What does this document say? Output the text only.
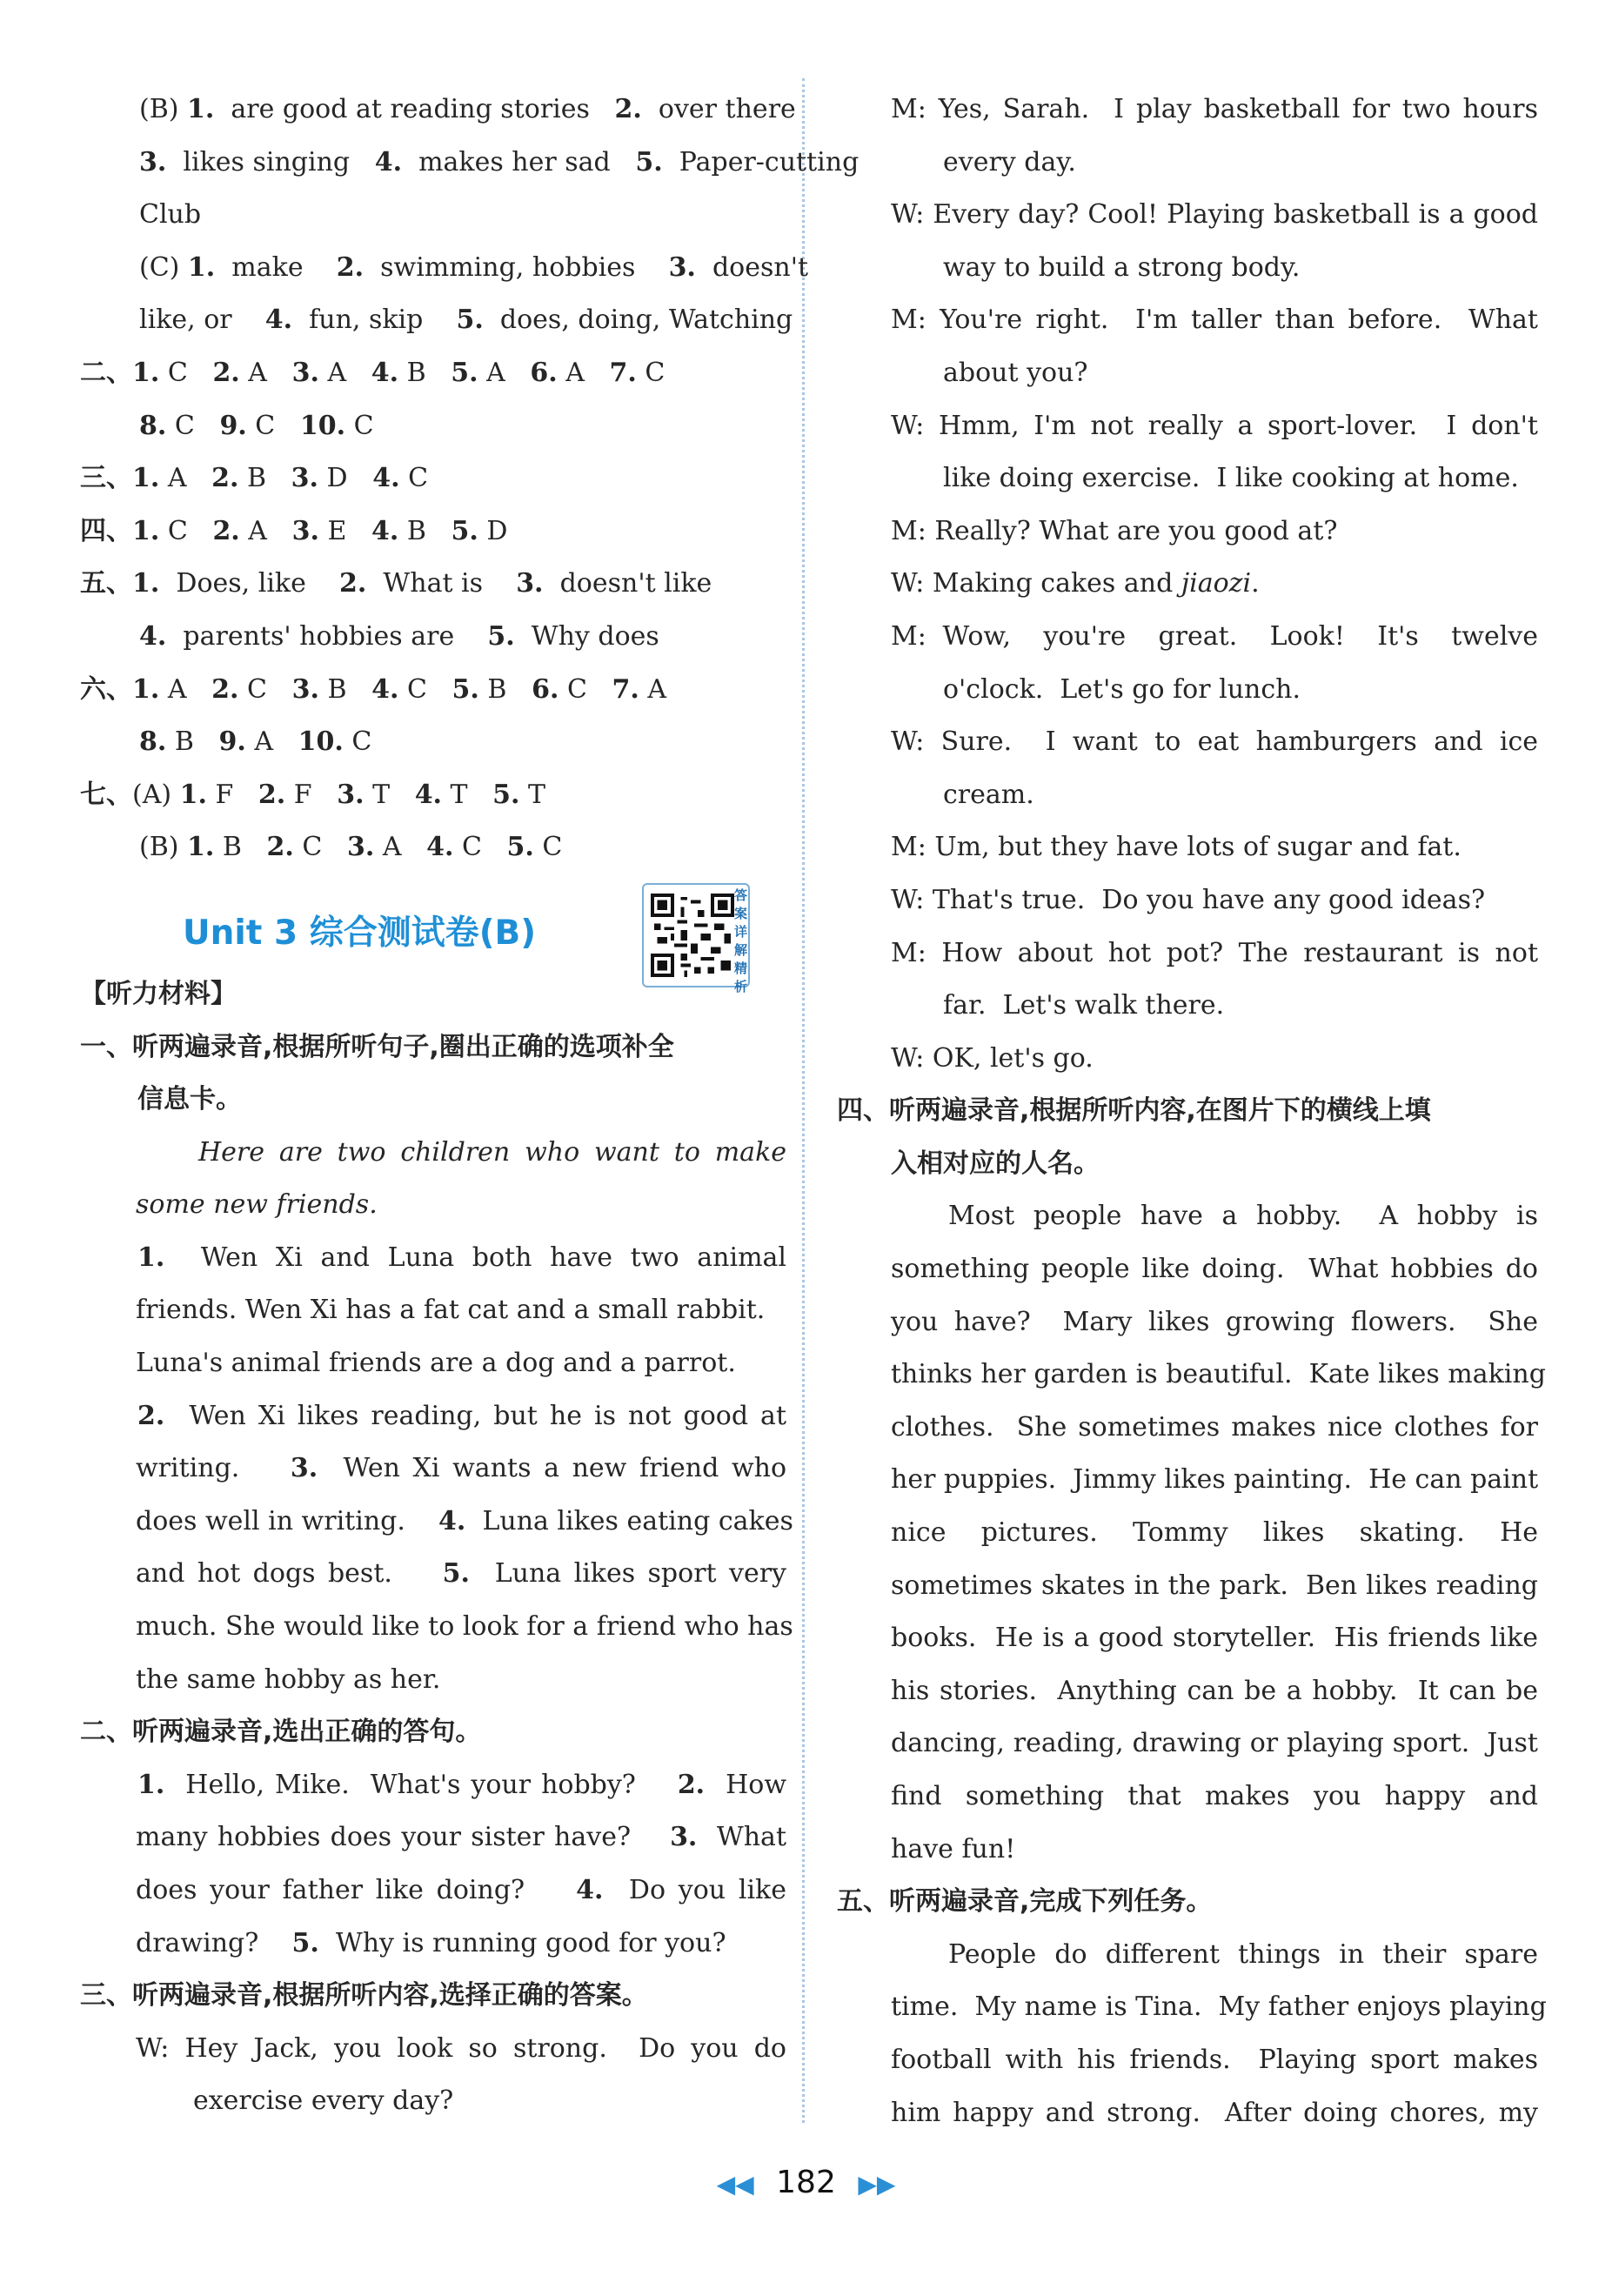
(B) 1.  are good at reading stories   2.  over there
3.  likes singing   4.  makes her sad   5.  Paper-cutting
Club
(C) 1.  make    2.  swimming, hobbies    3.  doesn't
like, or    4.  fun, skip    5.  does, doing, Watching
二、1. C   2. A   3. A   4. B   5. A   6. A   7. C
8. C   9. C   10. C
三、1. A   2. B   3. D   4. C
四、1. C   2. A   3. E   4. B   5. D
五、1.  Does, like    2.  What is    3.  doesn't like
4.  parents' hobbies are    5.  Why does
六、1. A   2. C   3. B   4. C   5. B   6. C   7. A
8. B   9. A   10. C
七、(A) 1. F   2. F   3. T   4. T   5. T
(B) 1. B   2. C   3. A   4. C   5. C
Unit 3 综合测试卷(B)
答案详解精析
【听力材料】
一、听两遍录音,根据所听句子,圈出正确的选项补全
信息卡。
Here are two children who want to make
some new friends.
1.  Wen Xi and Luna both have two animal
friends. Wen Xi has a fat cat and a small rabbit.
Luna's animal friends are a dog and a parrot.
2.  Wen Xi likes reading, but he is not good at
writing.    3.  Wen Xi wants a new friend who
does well in writing.    4.  Luna likes eating cakes
and hot dogs best.    5.  Luna likes sport very
much. She would like to look for a friend who has
the same hobby as her.
二、听两遍录音,选出正确的答句。
1.  Hello, Mike.  What's your hobby?    2.  How
many hobbies does your sister have?    3.  What
does your father like doing?    4.  Do you like
drawing?    5.  Why is running good for you?
三、听两遍录音,根据所听内容,选择正确的答案。
W: Hey Jack, you look so strong.  Do you do
exercise every day?
M: Yes, Sarah.  I play basketball for two hours
every day.
W: Every day? Cool! Playing basketball is a good
way to build a strong body.
M: You're right.  I'm taller than before.  What
about you?
W: Hmm, I'm not really a sport-lover.  I don't
like doing exercise.  I like cooking at home.
M: Really? What are you good at?
W: Making cakes and jiaozi.
M: Wow,  you're  great.  Look!  It's  twelve
o'clock.  Let's go for lunch.
W: Sure.  I want to eat hamburgers and ice
cream.
M: Um, but they have lots of sugar and fat.
W: That's true.  Do you have any good ideas?
M: How about hot pot? The restaurant is not
far.  Let's walk there.
W: OK, let's go.
四、听两遍录音,根据所听内容,在图片下的横线上填
入相对应的人名。
Most people have a hobby.  A hobby is
something people like doing.  What hobbies do
you have?  Mary likes growing flowers.  She
thinks her garden is beautiful.  Kate likes making
clothes.  She sometimes makes nice clothes for
her puppies.  Jimmy likes painting.  He can paint
nice  pictures.  Tommy  likes  skating.  He
sometimes skates in the park.  Ben likes reading
books.  He is a good storyteller.  His friends like
his stories.  Anything can be a hobby.  It can be
dancing, reading, drawing or playing sport.  Just
find  something  that  makes  you  happy  and
have fun!
五、听两遍录音,完成下列任务。
People do different things in their spare
time.  My name is Tina.  My father enjoys playing
football with his friends.  Playing sport makes
him happy and strong.  After doing chores, my
◀◀ 182 ▶▶
